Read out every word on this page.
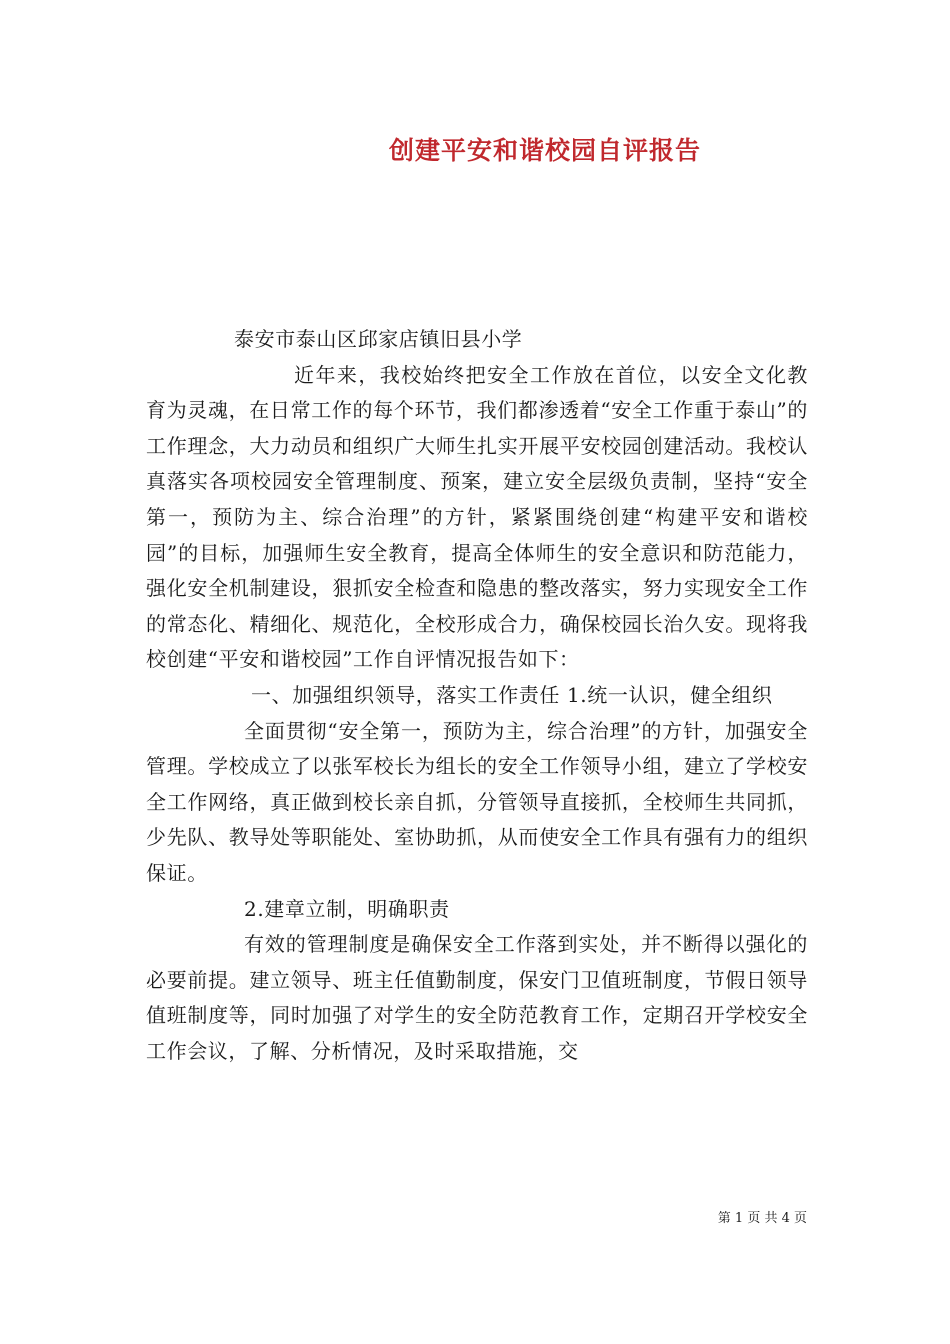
创建平安和谐校园自评报告

泰安市泰山区邱家店镇旧县小学

近年来，我校始终把安全工作放在首位，以安全文化教育为灵魂，在日常工作的每个环节，我们都渗透着“安全工作重于泰山”的工作理念，大力动员和组织广大师生扎实开展平安校园创建活动。我校认真落实各项校园安全管理制度、预案，建立安全层级负责制，坚持“安全第一，预防为主、综合治理”的方针，紧紧围绕创建“构建平安和谐校园”的目标，加强师生安全教育，提高全体师生的安全意识和防范能力，强化安全机制建设，狠抓安全检查和隐患的整改落实，努力实现安全工作的常态化、精细化、规范化，全校形成合力，确保校园长治久安。现将我校创建“平安和谐校园”工作自评情况报告如下：

一、加强组织领导，落实工作责任 1.统一认识，健全组织

全面贯彻“安全第一，预防为主，综合治理”的方针，加强安全管理。学校成立了以张军校长为组长的安全工作领导小组，建立了学校安全工作网络，真正做到校长亲自抓，分管领导直接抓，全校师生共同抓，少先队、教导处等职能处、室协助抓，从而使安全工作具有强有力的组织保证。

2.建章立制，明确职责

有效的管理制度是确保安全工作落到实处，并不断得以强化的必要前提。建立领导、班主任值勤制度，保安门卫值班制度，节假日领导值班制度等，同时加强了对学生的安全防范教育工作，定期召开学校安全工作会议，了解、分析情况，及时采取措施，交

第 1 页 共 4 页
